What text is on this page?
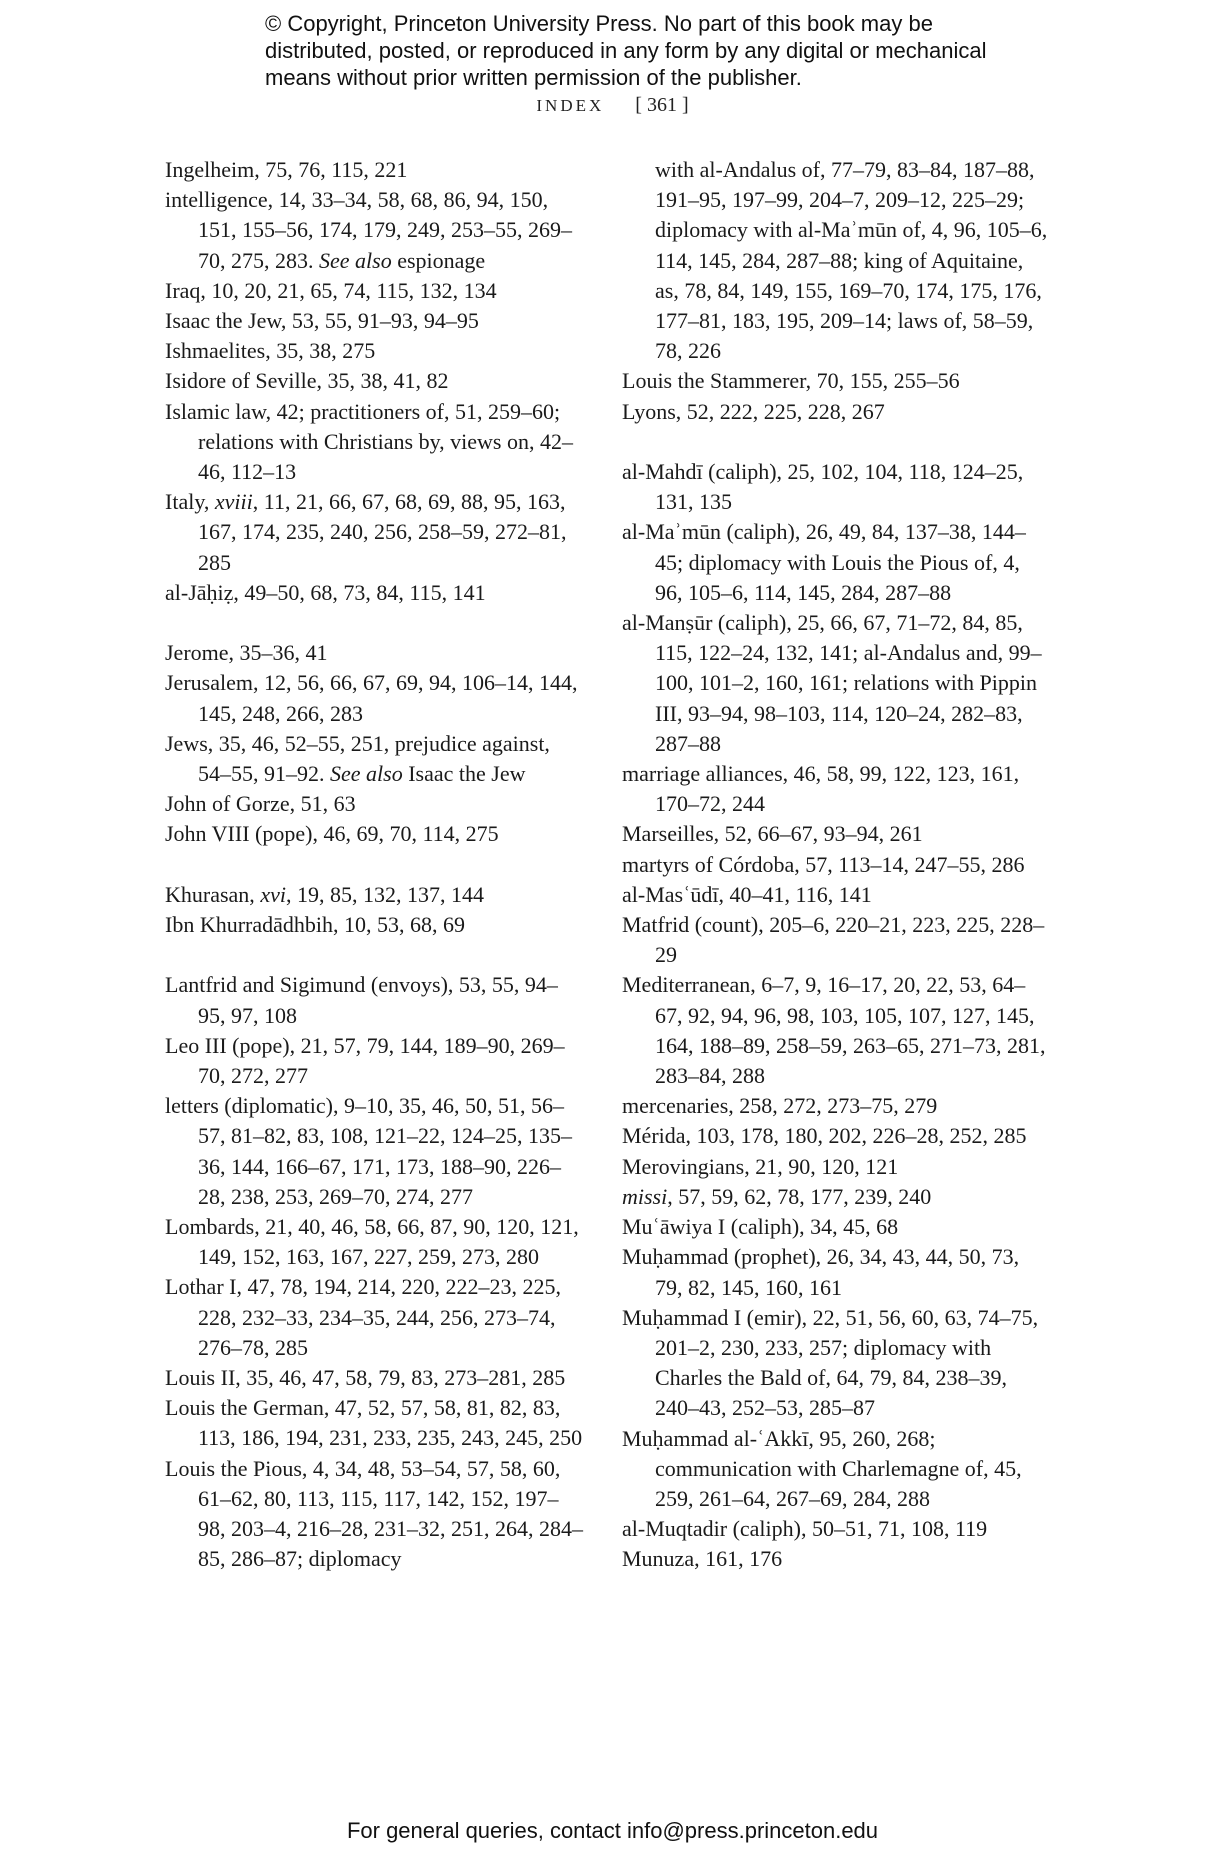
© Copyright, Princeton University Press. No part of this book may be distributed, posted, or reproduced in any form by any digital or mechanical means without prior written permission of the publisher.
INDEX [ 361 ]

Ingelheim, 75, 76, 115, 221

intelligence, 14, 33–34, 58, 68, 86, 94, 150, 151, 155–56, 174, 179, 249, 253–55, 269–70, 275, 283. See also espionage

Iraq, 10, 20, 21, 65, 74, 115, 132, 134

Isaac the Jew, 53, 55, 91–93, 94–95

Ishmaelites, 35, 38, 275

Isidore of Seville, 35, 38, 41, 82

Islamic law, 42; practitioners of, 51, 259–60; relations with Christians by, views on, 42–46, 112–13

Italy, xviii, 11, 21, 66, 67, 68, 69, 88, 95, 163, 167, 174, 235, 240, 256, 258–59, 272–81, 285

al-Jāḥiẓ, 49–50, 68, 73, 84, 115, 141

Jerome, 35–36, 41

Jerusalem, 12, 56, 66, 67, 69, 94, 106–14, 144, 145, 248, 266, 283

Jews, 35, 46, 52–55, 251, prejudice against, 54–55, 91–92. See also Isaac the Jew

John of Gorze, 51, 63

John VIII (pope), 46, 69, 70, 114, 275

Khurasan, xvi, 19, 85, 132, 137, 144

Ibn Khurradādhbih, 10, 53, 68, 69

Lantfrid and Sigimund (envoys), 53, 55, 94–95, 97, 108

Leo III (pope), 21, 57, 79, 144, 189–90, 269–70, 272, 277

letters (diplomatic), 9–10, 35, 46, 50, 51, 56–57, 81–82, 83, 108, 121–22, 124–25, 135–36, 144, 166–67, 171, 173, 188–90, 226–28, 238, 253, 269–70, 274, 277

Lombards, 21, 40, 46, 58, 66, 87, 90, 120, 121, 149, 152, 163, 167, 227, 259, 273, 280

Lothar I, 47, 78, 194, 214, 220, 222–23, 225, 228, 232–33, 234–35, 244, 256, 273–74, 276–78, 285

Louis II, 35, 46, 47, 58, 79, 83, 273–281, 285

Louis the German, 47, 52, 57, 58, 81, 82, 83, 113, 186, 194, 231, 233, 235, 243, 245, 250

Louis the Pious, 4, 34, 48, 53–54, 57, 58, 60, 61–62, 80, 113, 115, 117, 142, 152, 197–98, 203–4, 216–28, 231–32, 251, 264, 284–85, 286–87; diplomacy

with al-Andalus of, 77–79, 83–84, 187–88, 191–95, 197–99, 204–7, 209–12, 225–29; diplomacy with al-Maʾmūn of, 4, 96, 105–6, 114, 145, 284, 287–88; king of Aquitaine, as, 78, 84, 149, 155, 169–70, 174, 175, 176, 177–81, 183, 195, 209–14; laws of, 58–59, 78, 226

Louis the Stammerer, 70, 155, 255–56

Lyons, 52, 222, 225, 228, 267

al-Mahdī (caliph), 25, 102, 104, 118, 124–25, 131, 135

al-Maʾmūn (caliph), 26, 49, 84, 137–38, 144–45; diplomacy with Louis the Pious of, 4, 96, 105–6, 114, 145, 284, 287–88

al-Manṣūr (caliph), 25, 66, 67, 71–72, 84, 85, 115, 122–24, 132, 141; al-Andalus and, 99–100, 101–2, 160, 161; relations with Pippin III, 93–94, 98–103, 114, 120–24, 282–83, 287–88

marriage alliances, 46, 58, 99, 122, 123, 161, 170–72, 244

Marseilles, 52, 66–67, 93–94, 261

martyrs of Córdoba, 57, 113–14, 247–55, 286

al-Masʿūdī, 40–41, 116, 141

Matfrid (count), 205–6, 220–21, 223, 225, 228–29

Mediterranean, 6–7, 9, 16–17, 20, 22, 53, 64–67, 92, 94, 96, 98, 103, 105, 107, 127, 145, 164, 188–89, 258–59, 263–65, 271–73, 281, 283–84, 288

mercenaries, 258, 272, 273–75, 279

Mérida, 103, 178, 180, 202, 226–28, 252, 285

Merovingians, 21, 90, 120, 121

missi, 57, 59, 62, 78, 177, 239, 240

Muʿāwiya I (caliph), 34, 45, 68

Muḥammad (prophet), 26, 34, 43, 44, 50, 73, 79, 82, 145, 160, 161

Muḥammad I (emir), 22, 51, 56, 60, 63, 74–75, 201–2, 230, 233, 257; diplomacy with Charles the Bald of, 64, 79, 84, 238–39, 240–43, 252–53, 285–87

Muḥammad al-ʿAkkī, 95, 260, 268; communication with Charlemagne of, 45, 259, 261–64, 267–69, 284, 288

al-Muqtadir (caliph), 50–51, 71, 108, 119

Munuza, 161, 176

For general queries, contact info@press.princeton.edu
